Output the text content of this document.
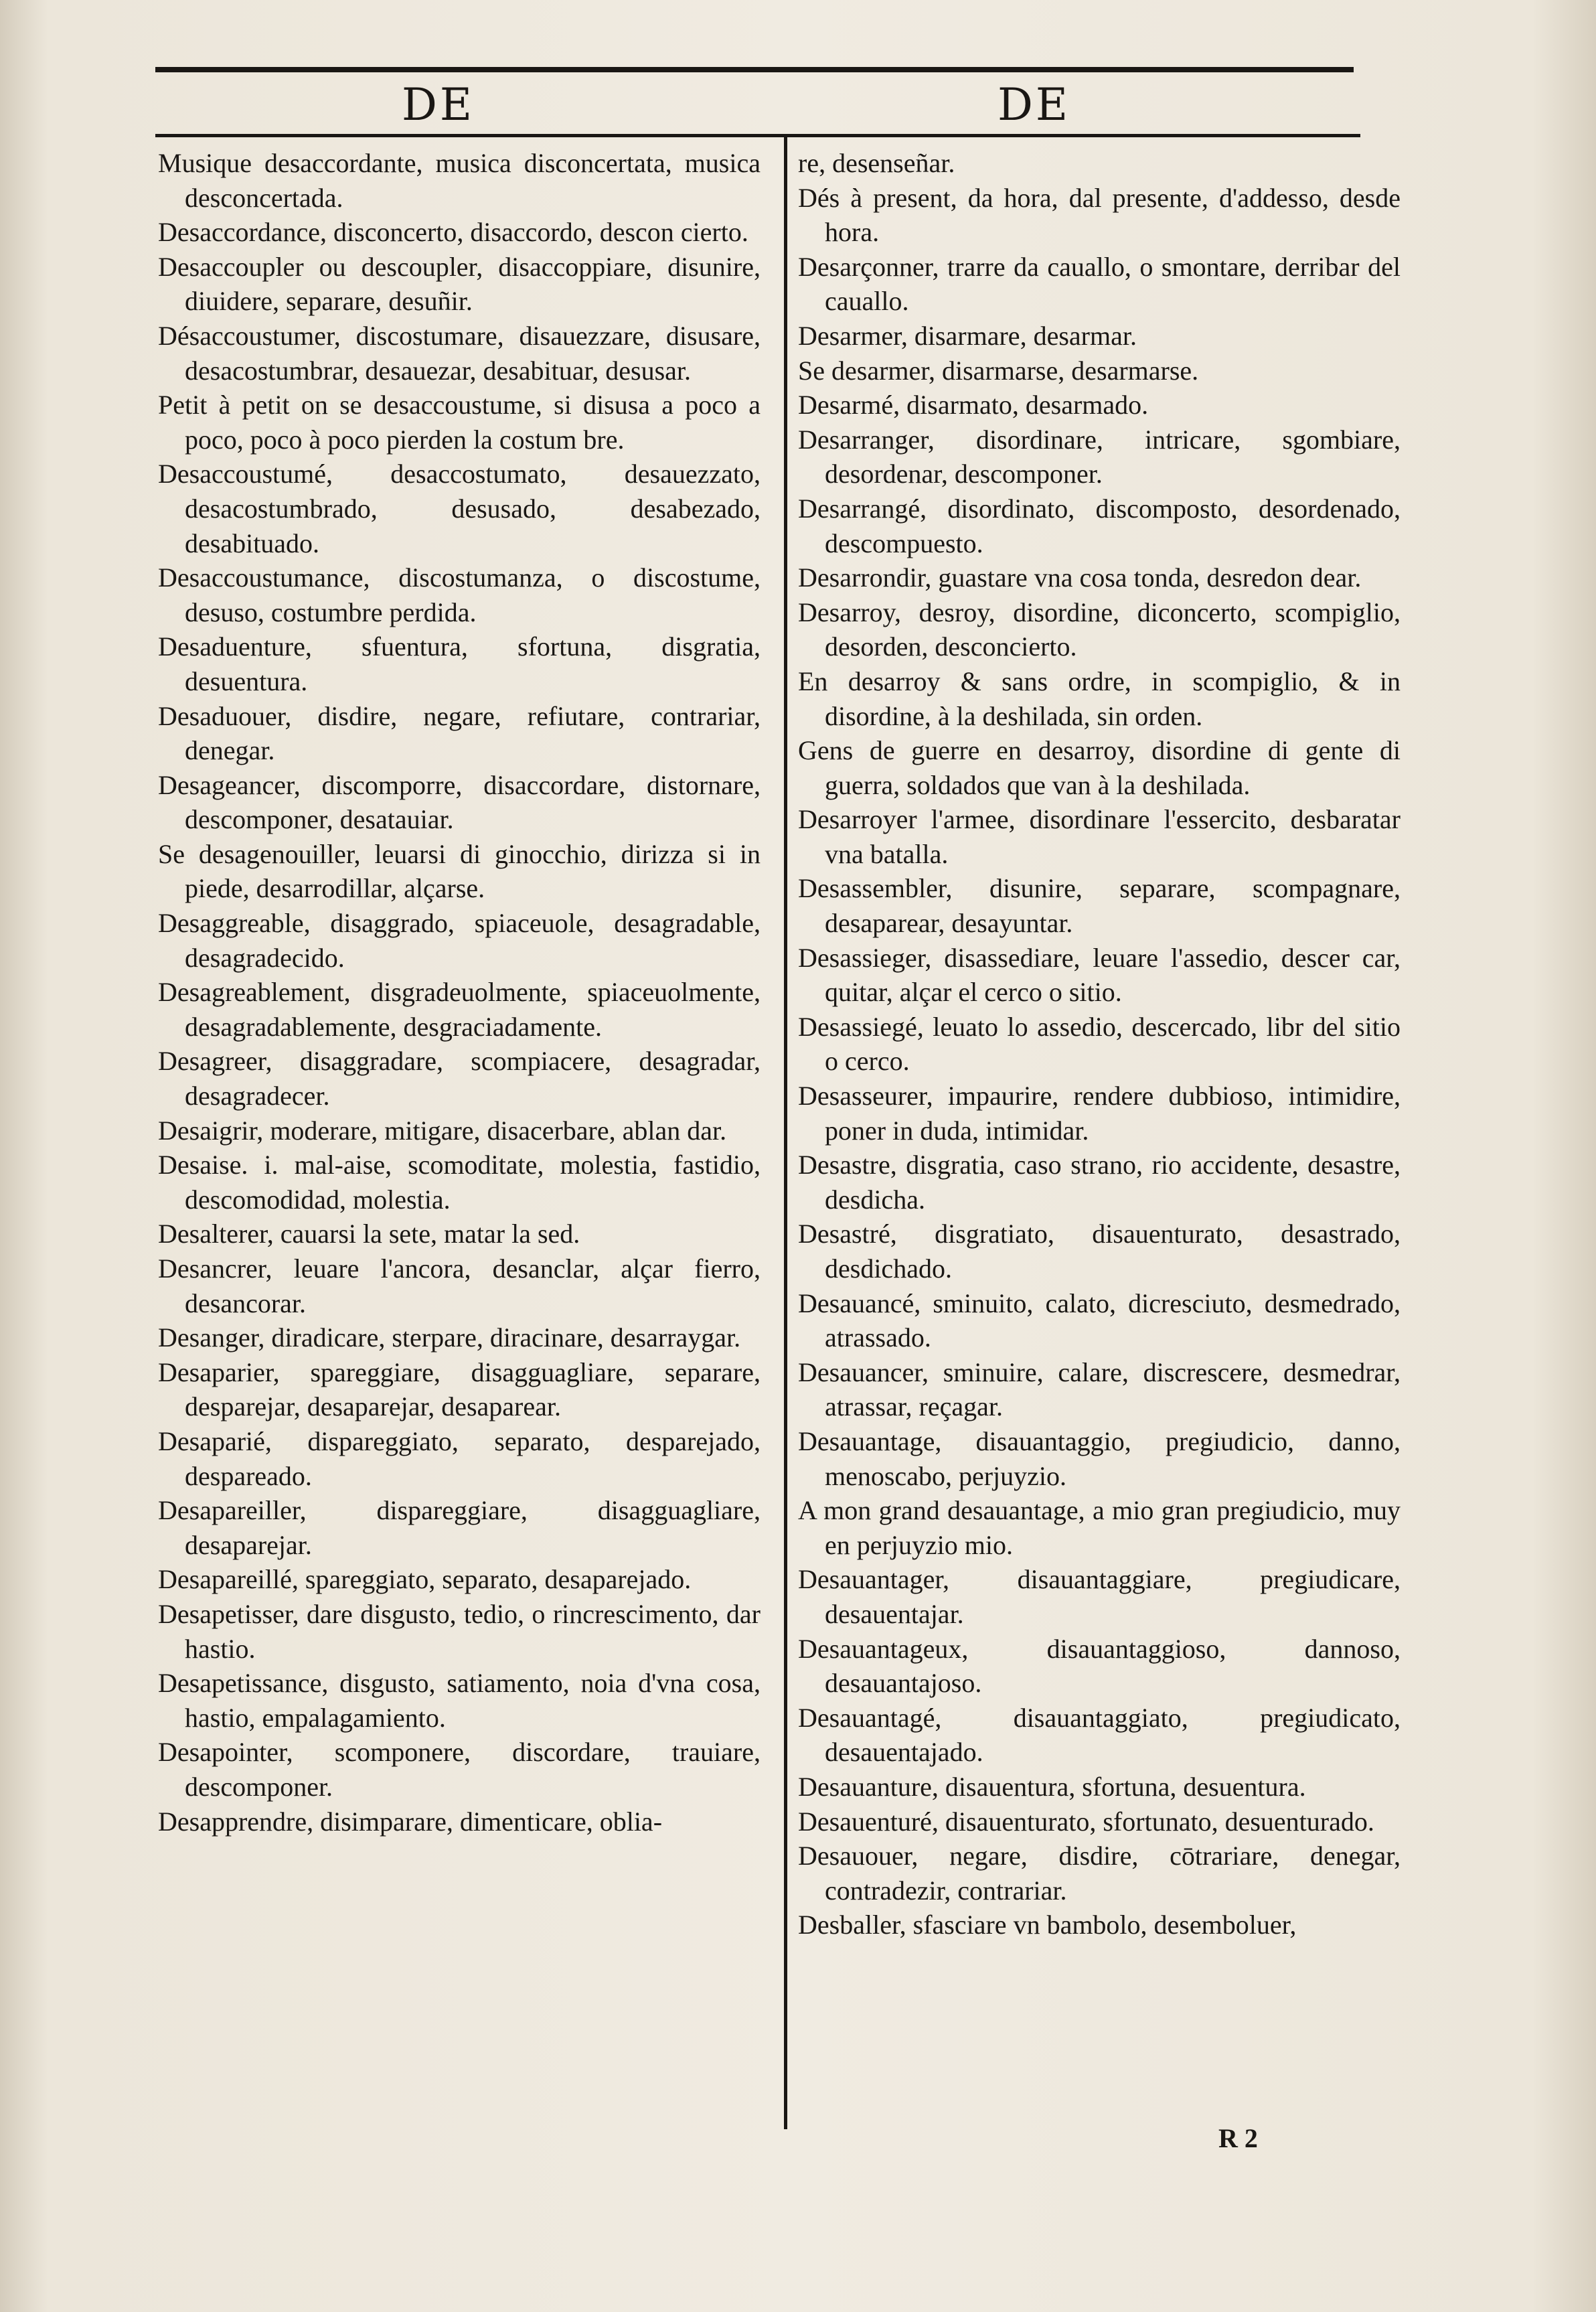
DE	DE

Musique desaccordante, musica disconcertata, musica desconcertada.

Desaccordance, disconcerto, disaccordo, descon cierto.

Desaccoupler ou descoupler, disaccoppiare, disunire, diuidere, separare, desuñir.

Désaccoustumer, discostumare, disauezzare, disusare, desacostumbrar, desauezar, desabituar, desusar.

Petit à petit on se desaccoustume, si disusa a poco a poco, poco à poco pierden la costum bre.

Desaccoustumé, desaccostumato, desauezzato, desacostumbrado, desusado, desabezado, desabituado.

Desaccoustumance, discostumanza, o discostume, desuso, costumbre perdida.

Desaduenture, sfuentura, sfortuna, disgratia, desuentura.

Desaduouer, disdire, negare, refiutare, contrariar, denegar.

Desageancer, discomporre, disaccordare, distornare, descomponer, desatauiar.

Se desagenouiller, leuarsi di ginocchio, dirizza si in piede, desarrodillar, alçarse.

Desaggreable, disaggrado, spiaceuole, desagradable, desagradecido.

Desagreablement, disgradeuolmente, spiaceuolmente, desagradablemente, desgraciadamente.

Desagreer, disaggradare, scompiacere, desagradar, desagradecer.

Desaigrir, moderare, mitigare, disacerbare, ablan dar.

Desaise. i. mal-aise, scomoditate, molestia, fastidio, descomodidad, molestia.

Desalterer, cauarsi la sete, matar la sed.

Desancrer, leuare l'ancora, desanclar, alçar fierro, desancorar.

Desanger, diradicare, sterpare, diracinare, desarraygar.

Desaparier, spareggiare, disagguagliare, separare, desparejar, desaparejar, desaparear.

Desaparié, dispareggiato, separato, desparejado, despareado.

Desapareiller, dispareggiare, disagguagliare, desaparejar.

Desapareillé, spareggiato, separato, desaparejado.

Desapetisser, dare disgusto, tedio, o rincrescimento, dar hastio.

Desapetissance, disgusto, satiamento, noia d'vna cosa, hastio, empalagamiento.

Desapointer, scomponere, discordare, trauiare, descomponer.

Desapprendre, disimparare, dimenticare, oblia-

re, desenseñar.

Dés à present, da hora, dal presente, d'addesso, desde hora.

Desarçonner, trarre da cauallo, o smontare, derribar del cauallo.

Desarmer, disarmare, desarmar.

Se desarmer, disarmarse, desarmarse.

Desarmé, disarmato, desarmado.

Desarranger, disordinare, intricare, sgombiare, desordenar, descomponer.

Desarrangé, disordinato, discomposto, desordenado, descompuesto.

Desarrondir, guastare vna cosa tonda, desredon dear.

Desarroy, desroy, disordine, diconcerto, scompiglio, desorden, desconcierto.

En desarroy & sans ordre, in scompiglio, & in disordine, à la deshilada, sin orden.

Gens de guerre en desarroy, disordine di gente di guerra, soldados que van à la deshilada.

Desarroyer l'armee, disordinare l'essercito, desbaratar vna batalla.

Desassembler, disunire, separare, scompagnare, desaparear, desayuntar.

Desassieger, disassediare, leuare l'assedio, descer car, quitar, alçar el cerco o sitio.

Desassiegé, leuato lo assedio, descercado, libr del sitio o cerco.

Desasseurer, impaurire, rendere dubbioso, intimidire, poner in duda, intimidar.

Desastre, disgratia, caso strano, rio accidente, desastre, desdicha.

Desastré, disgratiato, disauenturato, desastrado, desdichado.

Desauancé, sminuito, calato, dicresciuto, desmedrado, atrassado.

Desauancer, sminuire, calare, discrescere, desmedrar, atrassar, reçagar.

Desauantage, disauantaggio, pregiudicio, danno, menoscabo, perjuyzio.

A mon grand desauantage, a mio gran pregiudicio, muy en perjuyzio mio.

Desauantager, disauantaggiare, pregiudicare, desauentajar.

Desauantageux, disauantaggioso, dannoso, desauantajoso.

Desauantagé, disauantaggiato, pregiudicato, desauentajado.

Desauanture, disauentura, sfortuna, desuentura.

Desauenturé, disauenturato, sfortunato, desuenturado.

Desauouer, negare, disdire, cōtrariare, denegar, contradezir, contrariar.

Desballer, sfasciare vn bambolo, desemboluer,

R 2
